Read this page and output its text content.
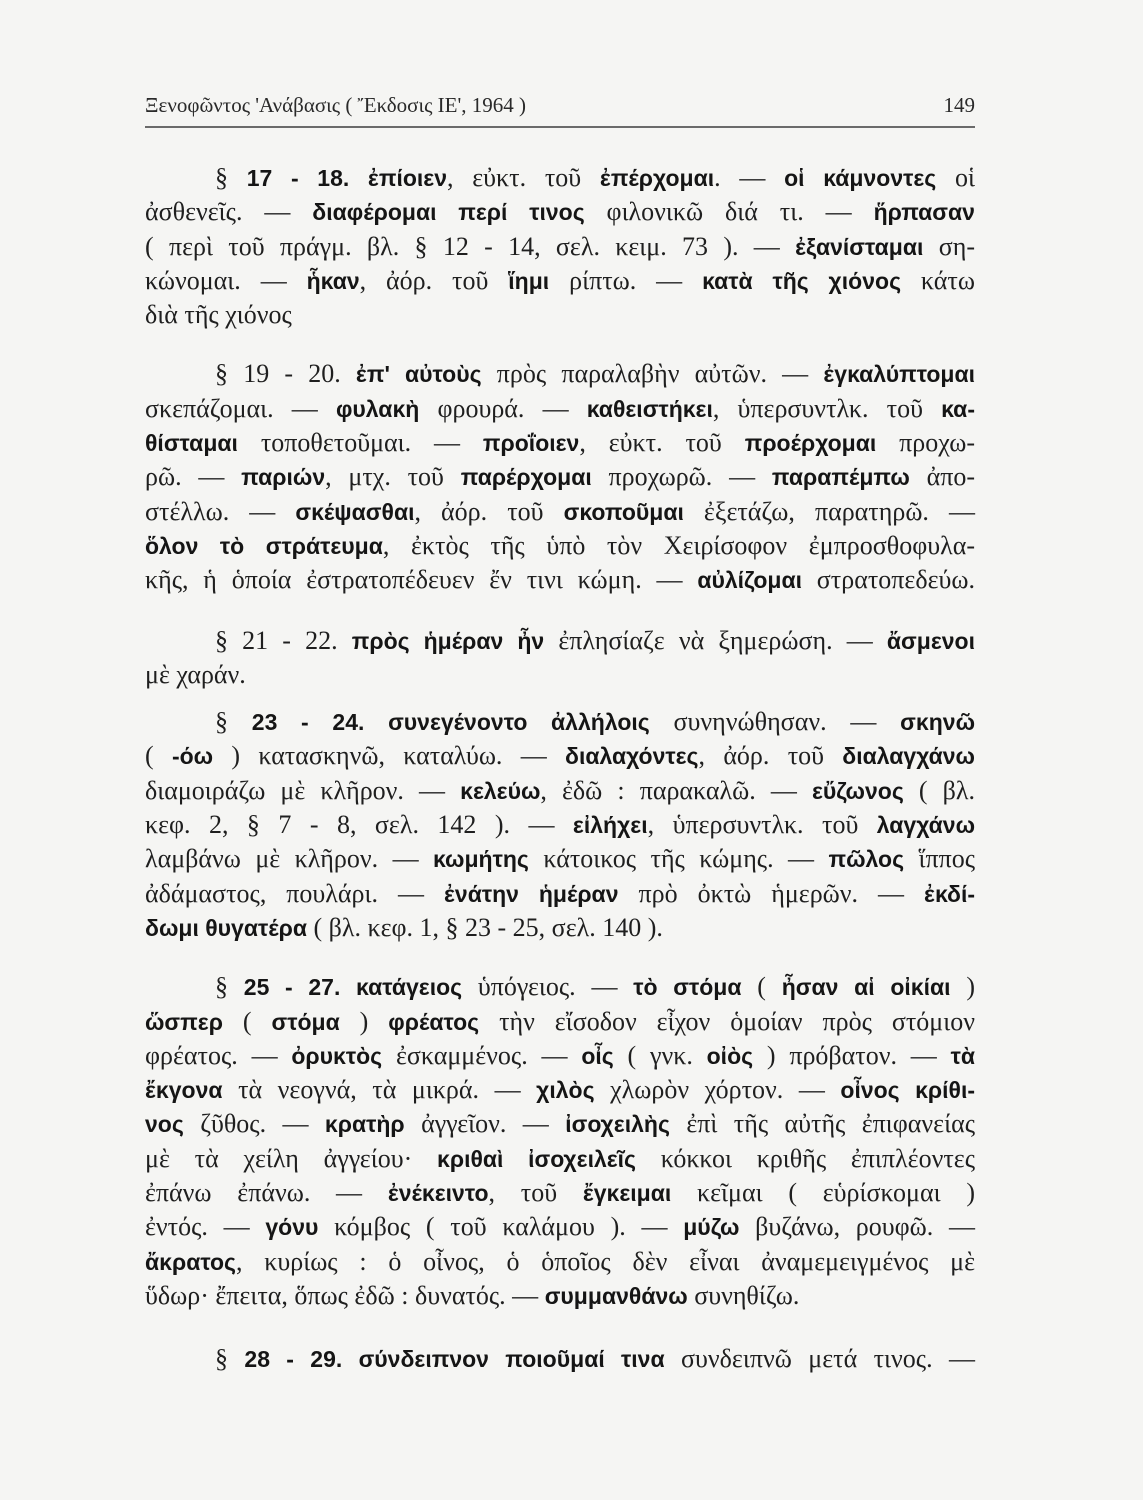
Ξενοφῶντος 'Ανάβασις ( Ἔκδοσις ΙΕ', 1964 )	149
§ 17 - 18. ἐπίοιεν, εὐκτ. τοῦ ἐπέρχομαι. — οἱ κάμνοντες οἱ
ἀσθενεῖς. — διαφέρομαι περί τινος φιλονικῶ διά τι. — ἥρπασαν
( περὶ τοῦ πράγμ. βλ. § 12 - 14, σελ. κειμ. 73 ). — ἐξανίσταμαι ση-
κώνομαι. — ἧκαν, ἀόρ. τοῦ ἵημι ρίπτω. — κατὰ τῆς χιόνος κάτω
διὰ τῆς χιόνος
§ 19 - 20. ἐπ' αὐτοὺς πρὸς παραλαβὴν αὐτῶν. — ἐγκαλύπτομαι
σκεπάζομαι. — φυλακὴ φρουρά. — καθειστήκει, ὑπερσυντλκ. τοῦ κα-
θίσταμαι τοποθετοῦμαι. — προΐοιεν, εὐκτ. τοῦ προέρχομαι προχω-
ρῶ. — παριών, μτχ. τοῦ παρέρχομαι προχωρῶ. — παραπέμπω ἀπο-
στέλλω. — σκέψασθαι, ἀόρ. τοῦ σκοποῦμαι ἐξετάζω, παρατηρῶ. —
ὅλον τὸ στράτευμα, ἐκτὸς τῆς ὑπὸ τὸν Χειρίσοφον ἐμπροσθοφυλα-
κῆς, ἡ ὁποία ἐστρατοπέδευεν ἔν τινι κώμη. — αὐλίζομαι στρατοπεδεύω.
§ 21 - 22. πρὸς ἡμέραν ἦν ἐπλησίαζε νὰ ξημερώση. — ἄσμενοι
μὲ χαράν.
§ 23 - 24. συνεγένοντο ἀλλήλοις συνηνώθησαν. — σκηνῶ
( -όω ) κατασκηνῶ, καταλύω. — διαλαχόντες, ἀόρ. τοῦ διαλαγχάνω
διαμοιράζω μὲ κλῆρον. — κελεύω, ἐδῶ : παρακαλῶ. — εὔζωνος ( βλ.
κεφ. 2, § 7 - 8, σελ. 142 ). — εἰλήχει, ὑπερσυντλκ. τοῦ λαγχάνω
λαμβάνω μὲ κλῆρον. — κωμήτης κάτοικος τῆς κώμης. — πῶλος ἵππος
ἀδάμαστος, πουλάρι. — ἐνάτην ἡμέραν πρὸ ὀκτὼ ἡμερῶν. — ἐκδί-
δωμι θυγατέρα ( βλ. κεφ. 1, § 23 - 25, σελ. 140 ).
§ 25 - 27. κατάγειος ὑπόγειος. — τὸ στόμα ( ἦσαν αἱ οἰκίαι )
ὥσπερ ( στόμα ) φρέατος τὴν εἴσοδον εἶχον ὁμοίαν πρὸς στόμιον
φρέατος. — ὀρυκτὸς ἐσκαμμένος. — οἶς ( γνκ. οἰὸς ) πρόβατον. — τὰ
ἔκγονα τὰ νεογνά, τὰ μικρά. — χιλὸς χλωρὸν χόρτον. — οἶνος κρίθι-
νος ζῦθος. — κρατὴρ ἀγγεῖον. — ἰσοχειλὴς ἐπὶ τῆς αὐτῆς ἐπιφανείας
μὲ τὰ χείλη ἀγγείου· κριθαὶ ἰσοχειλεῖς κόκκοι κριθῆς ἐπιπλέοντες
ἐπάνω ἐπάνω. — ἐνέκειντο, τοῦ ἔγκειμαι κεῖμαι ( εὑρίσκομαι )
ἐντός. — γόνυ κόμβος ( τοῦ καλάμου ). — μύζω βυζάνω, ρουφῶ. —
ἄκρατος, κυρίως : ὁ οἶνος, ὁ ὁποῖος δὲν εἶναι ἀναμεμειγμένος μὲ
ὕδωρ· ἔπειτα, ὅπως ἐδῶ : δυνατός. — συμμανθάνω συνηθίζω.
§ 28 - 29. σύνδειπνον ποιοῦμαί τινα συνδειπνῶ μετά τινος. —
